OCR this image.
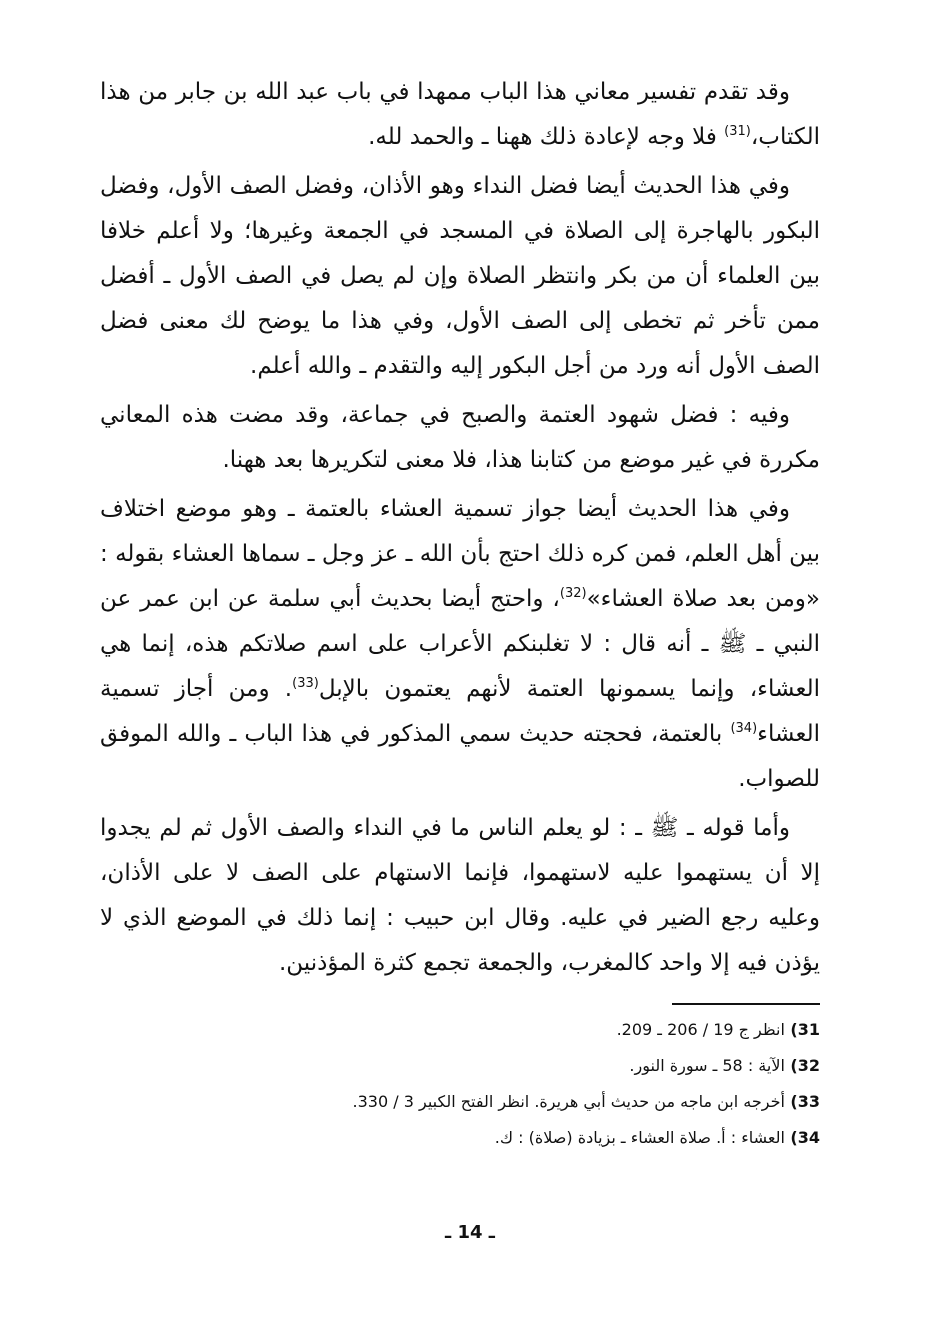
وقد تقدم تفسير معاني هذا الباب ممهدا في باب عبد الله بن جابر من هذا الكتاب،$^{(31)}$ فلا وجه لإعادة ذلك ههنا ـ والحمد لله.

وفي هذا الحديث أيضا فضل النداء وهو الأذان، وفضل الصف الأول، وفضل البكور بالهاجرة إلى الصلاة في المسجد في الجمعة وغيرها؛ ولا أعلم خلافا بين العلماء أن من بكر وانتظر الصلاة وإن لم يصل في الصف الأول ـ أفضل ممن تأخر ثم تخطى إلى الصف الأول، وفي هذا ما يوضح لك معنى فضل الصف الأول أنه ورد من أجل البكور إليه والتقدم ـ والله أعلم.

وفيه : فضل شهود العتمة والصبح في جماعة، وقد مضت هذه المعاني مكررة في غير موضع من كتابنا هذا، فلا معنى لتكريرها بعد ههنا.

وفي هذا الحديث أيضا جواز تسمية العشاء بالعتمة ـ وهو موضع اختلاف بين أهل العلم، فمن كره ذلك احتج بأن الله ـ عز وجل ـ سماها العشاء بقوله : «ومن بعد صلاة العشاء»$^{(32)}$، واحتج أيضا بحديث أبي سلمة عن ابن عمر عن النبي ـ ﷺ ـ أنه قال : لا تغلبنكم الأعراب على اسم صلاتكم هذه، إنما هي العشاء، وإنما يسمونها العتمة لأنهم يعتمون بالإبل$^{(33)}$. ومن أجاز تسمية العشاء$^{(34)}$ بالعتمة، فحجته حديث سمي المذكور في هذا الباب ـ والله الموفق للصواب.

وأما قوله ـ ﷺ ـ : لو يعلم الناس ما في النداء والصف الأول ثم لم يجدوا إلا أن يستهموا عليه لاستهموا، فإنما الاستهام على الصف لا على الأذان، وعليه رجع الضير في عليه. وقال ابن حبيب : إنما ذلك في الموضع الذي لا يؤذن فيه إلا واحد كالمغرب، والجمعة تجمع كثرة المؤذنين.

31) انظر ج 19 / 206 ـ 209.
32) الآية : 58 ـ سورة النور.
33) أخرجه ابن ماجه من حديث أبي هريرة. انظر الفتح الكبير 3 / 330.
34) العشاء : أ. صلاة العشاء ـ بزيادة (صلاة) : ك.
ـ 14 ـ
